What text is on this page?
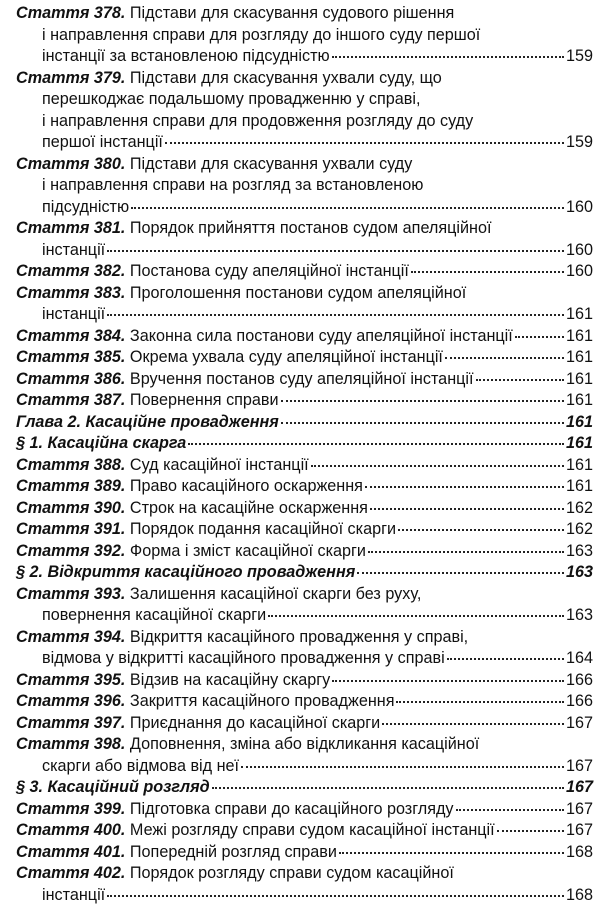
Стаття 378.
Підстави для скасування судового рішення
і направлення справи для розгляду до іншого суду першої
інстанції за встановленою підсудністю	159
Стаття 379.
Підстави для скасування ухвали суду, що
перешкоджає подальшому провадженню у справі,
і направлення справи для продовження розгляду до суду
першої інстанції	159
Стаття 380.
Підстави для скасування ухвали суду
і направлення справи на розгляд за встановленою
підсудністю	160
Стаття 381.
Порядок прийняття постанов судом апеляційної
інстанції	160
Стаття 382.
Постанова суду апеляційної інстанції	160
Стаття 383.
Проголошення постанови судом апеляційної
інстанції	161
Стаття 384.
Законна сила постанови суду апеляційної інстанції	161
Стаття 385.
Окрема ухвала суду апеляційної інстанції	161
Стаття 386.
Вручення постанов суду апеляційної інстанції	161
Стаття 387.
Повернення справи	161
Глава 2. Касаційне провадження	161
§ 1. Касаційна скарга	161
Стаття 388.
Суд касаційної інстанції	161
Стаття 389.
Право касаційного оскарження	161
Стаття 390.
Строк на касаційне оскарження	162
Стаття 391.
Порядок подання касаційної скарги	162
Стаття 392.
Форма і зміст касаційної скарги	163
§ 2. Відкриття касаційного провадження	163
Стаття 393.
Залишення касаційної скарги без руху,
повернення касаційної скарги	163
Стаття 394.
Відкриття касаційного провадження у справі,
відмова у відкритті касаційного провадження у справі	164
Стаття 395.
Відзив на касаційну скаргу	166
Стаття 396.
Закриття касаційного провадження	166
Стаття 397.
Приєднання до касаційної скарги	167
Стаття 398.
Доповнення, зміна або відкликання касаційної
скарги або відмова від неї	167
§ 3. Касаційний розгляд	167
Стаття 399.
Підготовка справи до касаційного розгляду	167
Стаття 400.
Межі розгляду справи судом касаційної інстанції	167
Стаття 401.
Попередній розгляд справи	168
Стаття 402.
Порядок розгляду справи судом касаційної
інстанції	168
